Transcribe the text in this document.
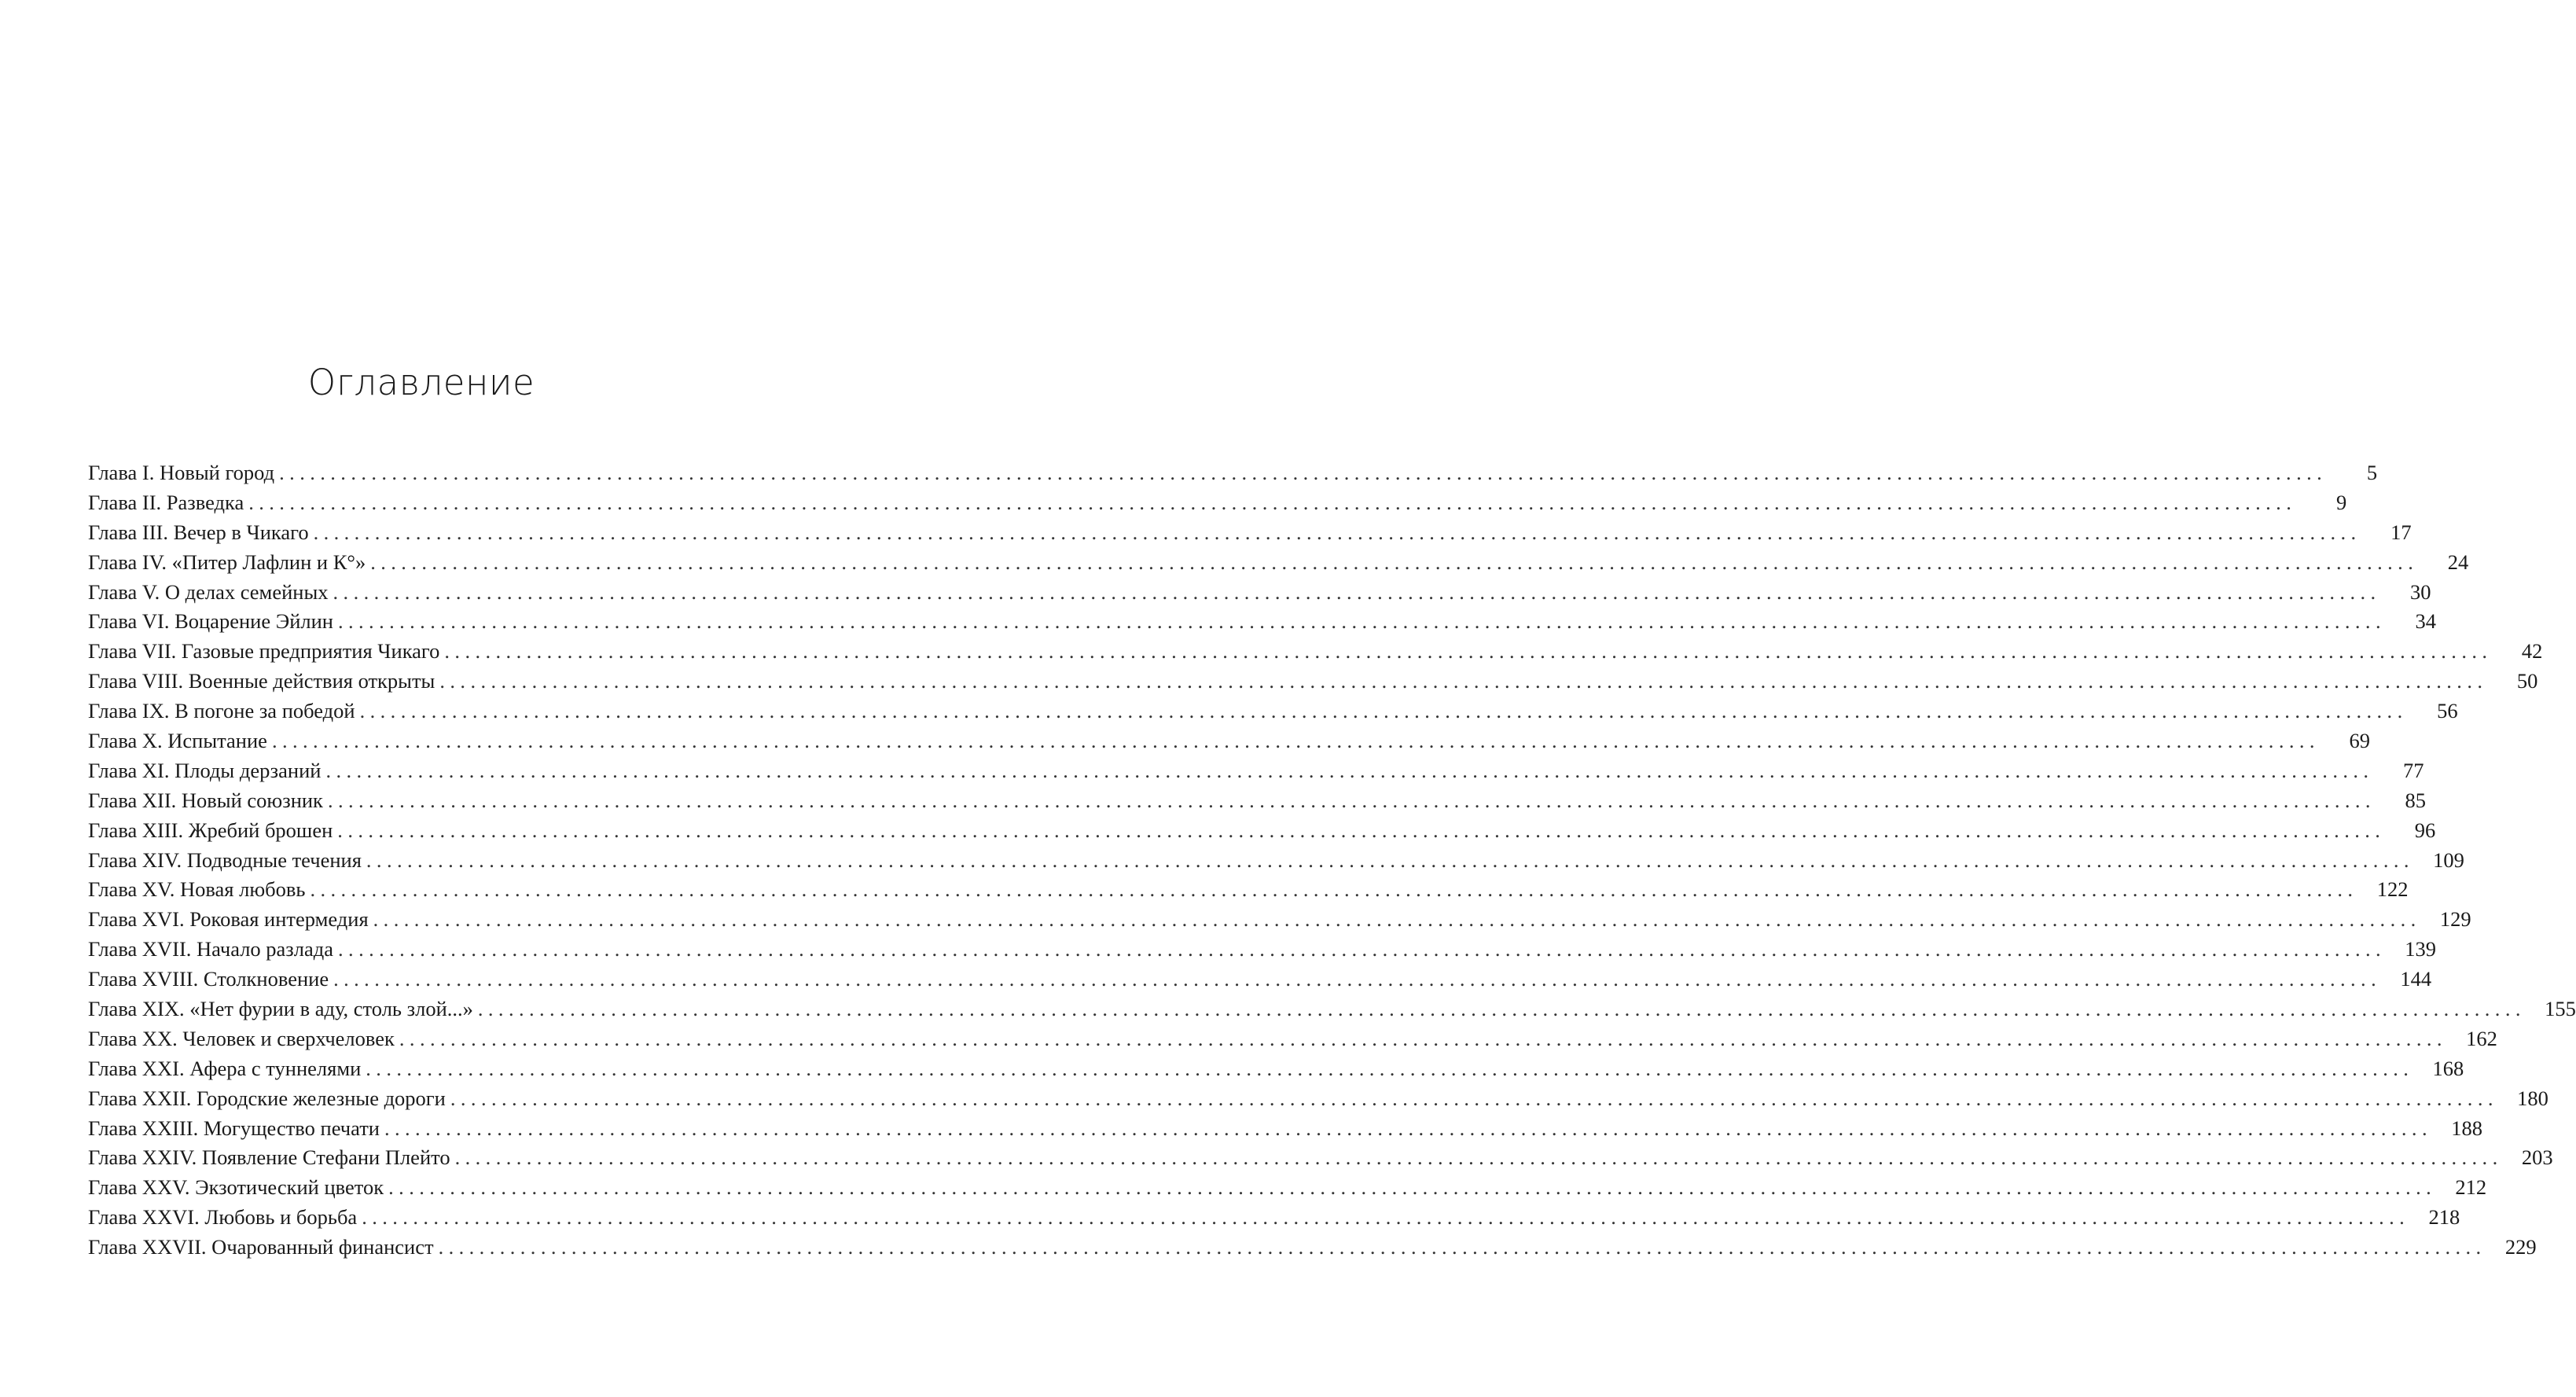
Оглавление
Глава I. Новый город ........................................................................................................................................................................................................	5
Глава II. Разведка ........................................................................................................................................................................................................	9
Глава III. Вечер в Чикаго ........................................................................................................................................................................................................	17
Глава IV. «Питер Лафлин и К°» ........................................................................................................................................................................................................	24
Глава V. О делах семейных ........................................................................................................................................................................................................	30
Глава VI. Воцарение Эйлин ........................................................................................................................................................................................................	34
Глава VII. Газовые предприятия Чикаго ........................................................................................................................................................................................................	42
Глава VIII. Военные действия открыты ........................................................................................................................................................................................................	50
Глава IX. В погоне за победой ........................................................................................................................................................................................................	56
Глава X. Испытание ........................................................................................................................................................................................................	69
Глава XI. Плоды дерзаний ........................................................................................................................................................................................................	77
Глава XII. Новый союзник ........................................................................................................................................................................................................	85
Глава XIII. Жребий брошен ........................................................................................................................................................................................................	96
Глава XIV. Подводные течения ........................................................................................................................................................................................................ 109
Глава XV. Новая любовь ........................................................................................................................................................................................................ 122
Глава XVI. Роковая интермедия ........................................................................................................................................................................................................ 129
Глава XVII. Начало разлада ........................................................................................................................................................................................................ 139
Глава XVIII. Столкновение ........................................................................................................................................................................................................ 144
Глава XIX. «Нет фурии в аду, столь злой...» ........................................................................................................................................................................................................ 155
Глава XX. Человек и сверхчеловек ........................................................................................................................................................................................................ 162
Глава XXI. Афера с туннелями ........................................................................................................................................................................................................ 168
Глава XXII. Городские железные дороги ........................................................................................................................................................................................................ 180
Глава XXIII. Могущество печати ........................................................................................................................................................................................................ 188
Глава XXIV. Появление Стефани Плейто ........................................................................................................................................................................................................ 203
Глава XXV. Экзотический цветок ........................................................................................................................................................................................................ 212
Глава XXVI. Любовь и борьба ........................................................................................................................................................................................................ 218
Глава XXVII. Очарованный финансист ........................................................................................................................................................................................................ 229
